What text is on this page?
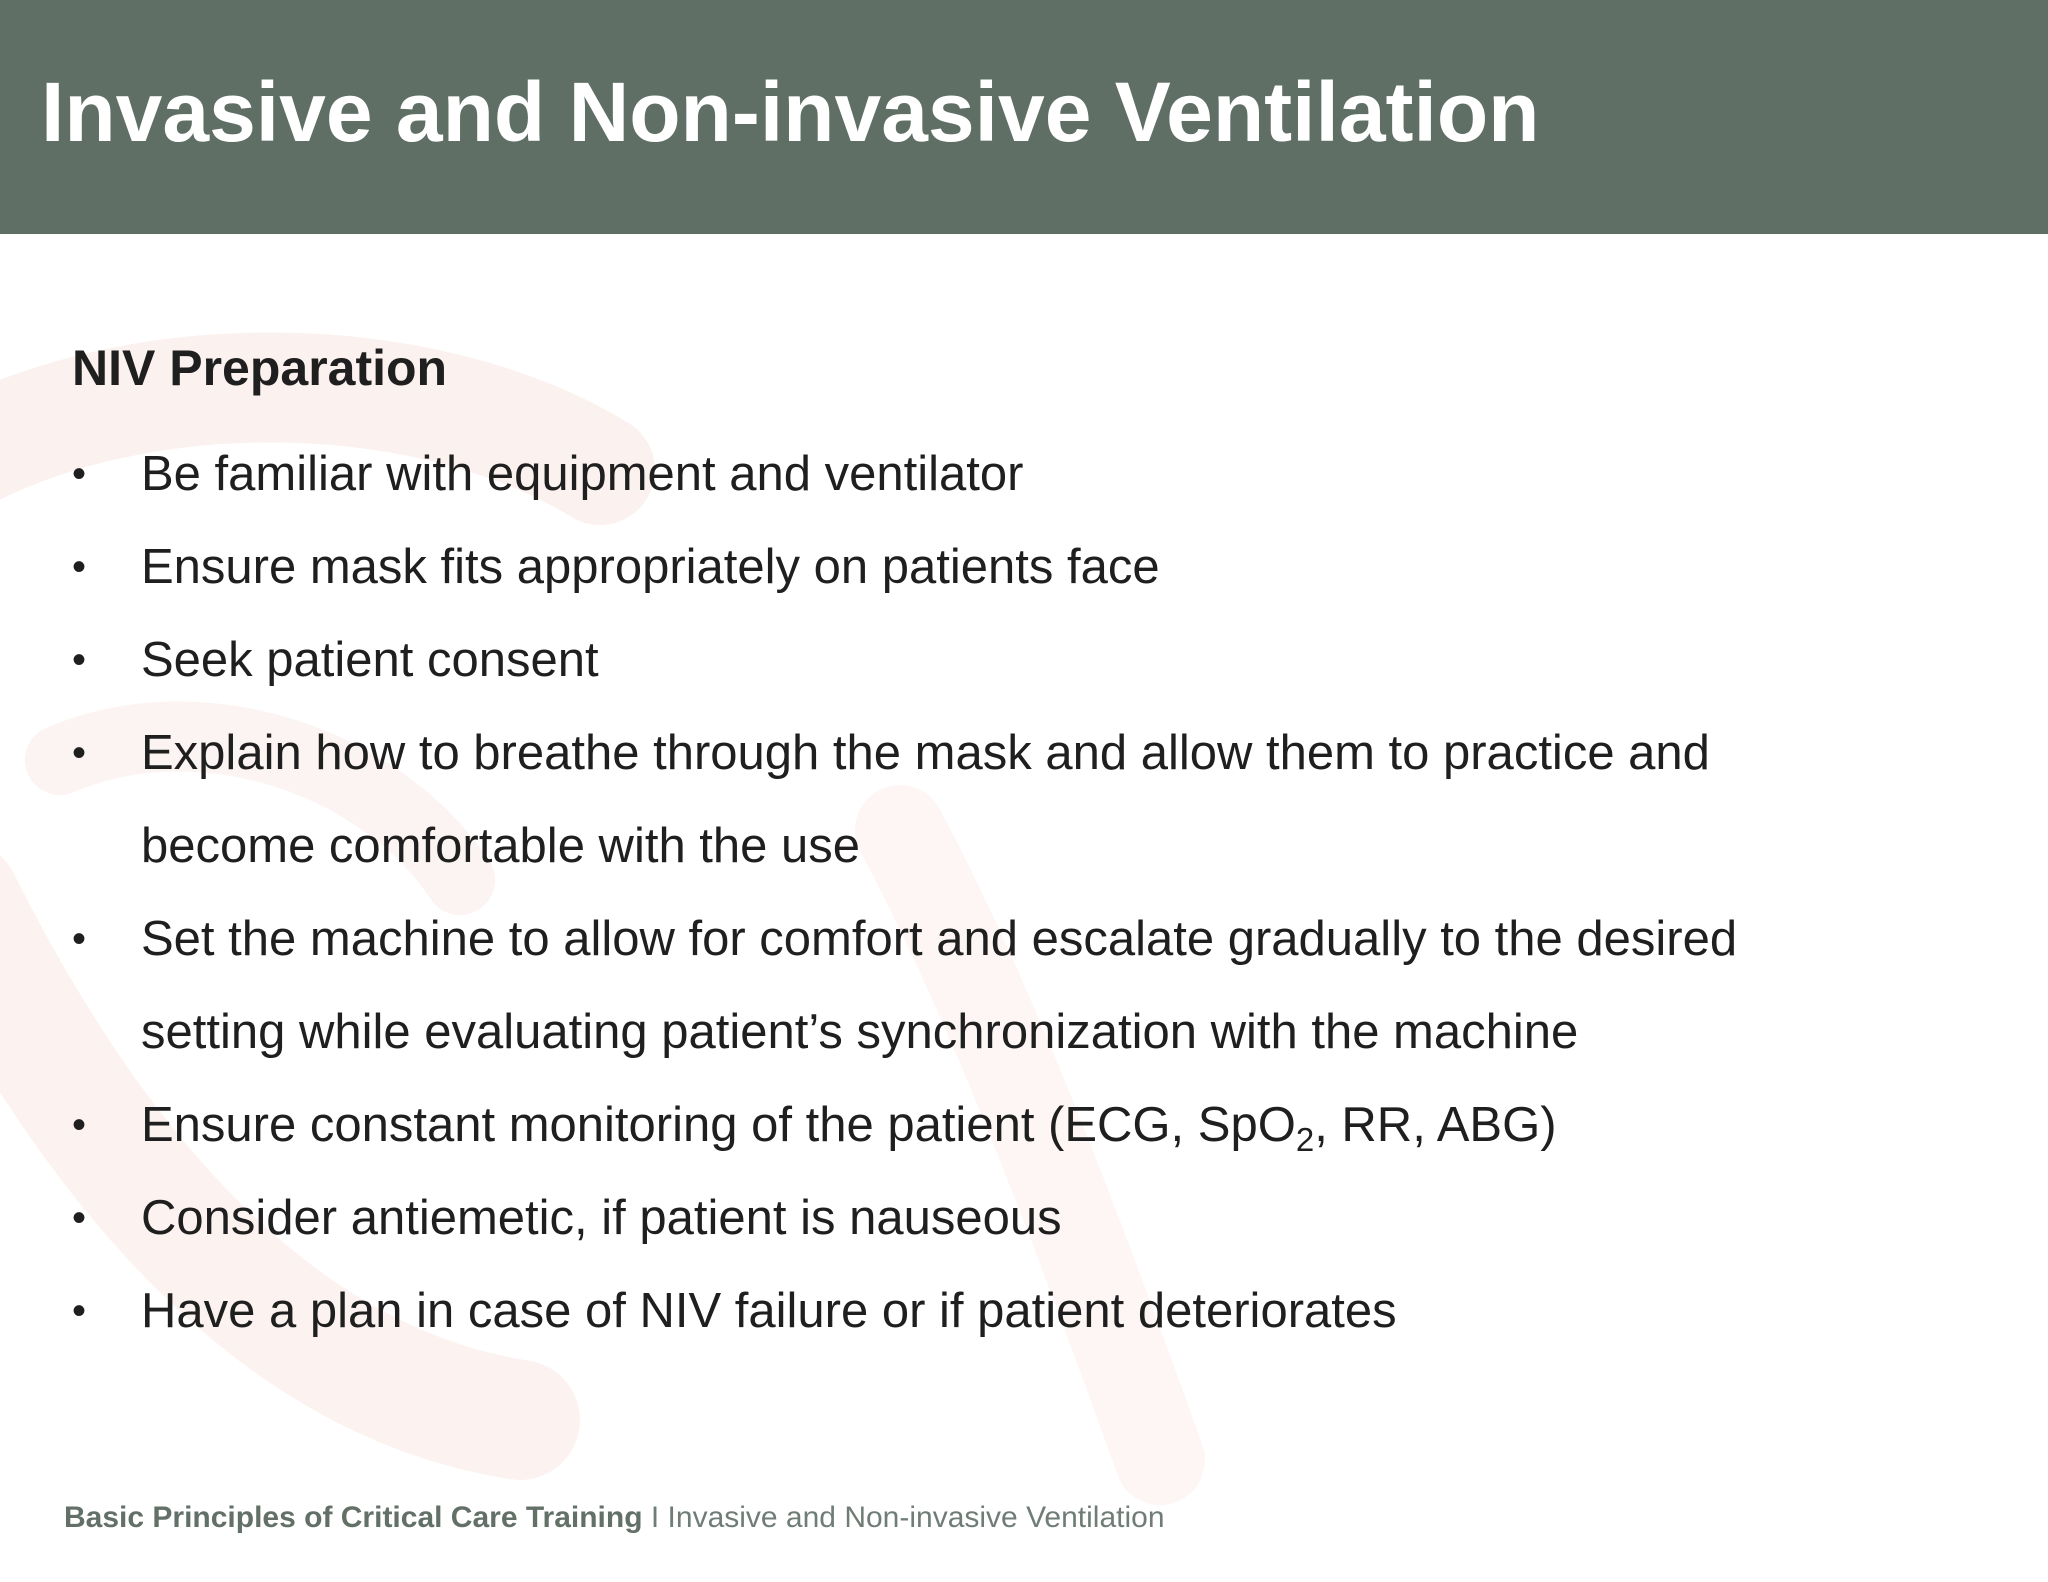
Invasive and Non-invasive Ventilation
NIV Preparation
• Be familiar with equipment and ventilator
• Ensure mask fits appropriately on patients face
• Seek patient consent
• Explain how to breathe through the mask and allow them to practice and
become comfortable with the use
• Set the machine to allow for comfort and escalate gradually to the desired
setting while evaluating patient’s synchronization with the machine
• Ensure constant monitoring of the patient (ECG, SpO$_2$, RR, ABG)
• Consider antiemetic, if patient is nauseous
• Have a plan in case of NIV failure or if patient deteriorates
Basic Principles of Critical Care Training I Invasive and Non-invasive Ventilation
